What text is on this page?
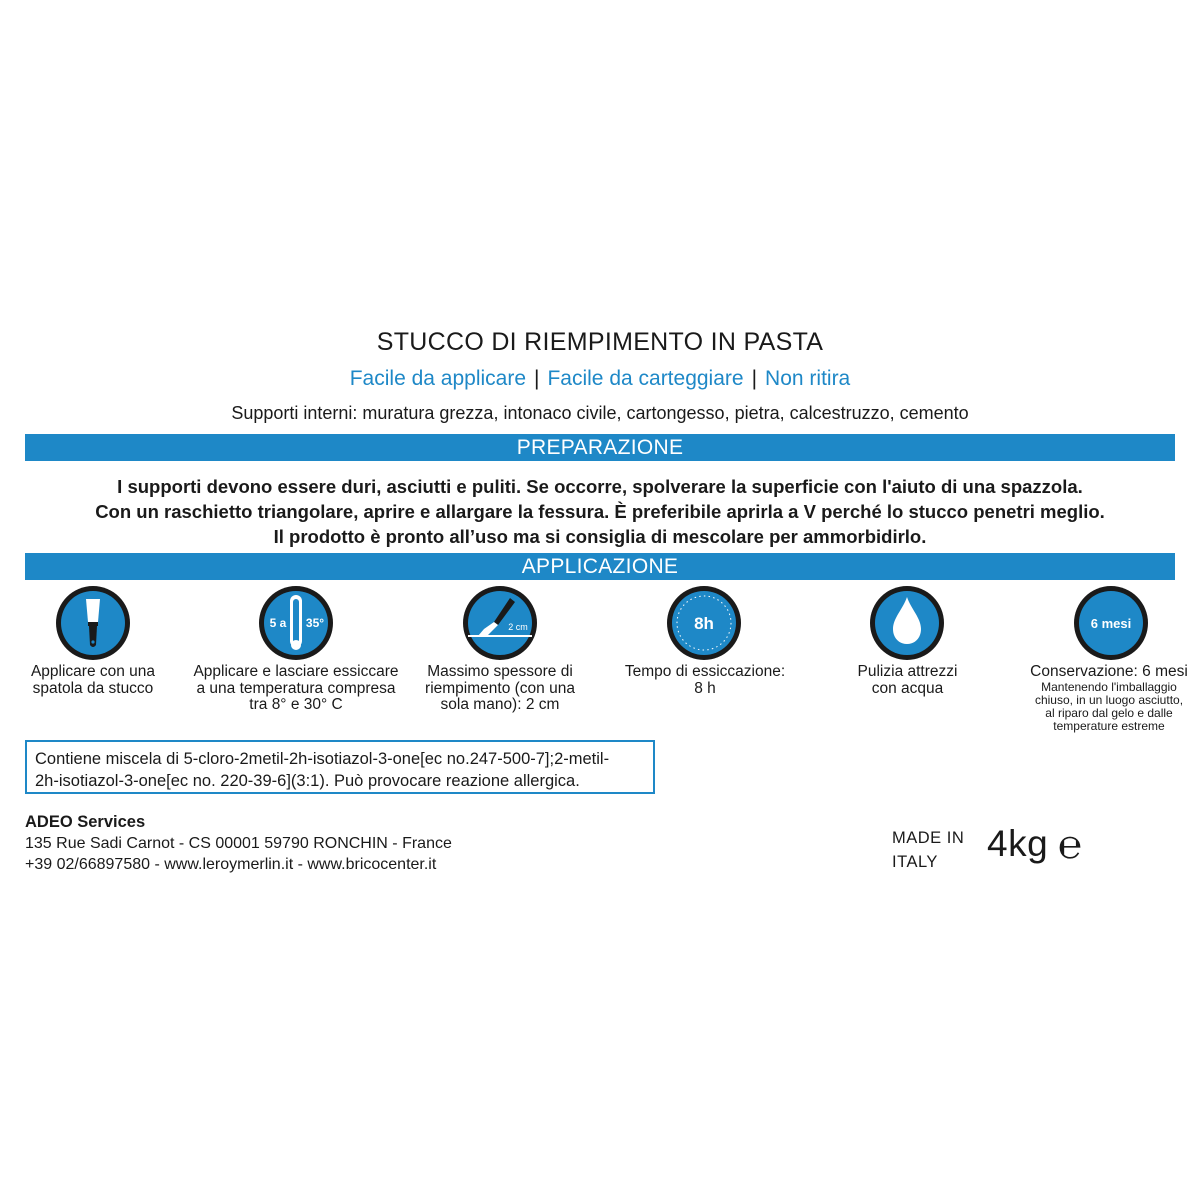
STUCCO DI RIEMPIMENTO IN PASTA
Facile da applicare | Facile da carteggiare | Non ritira
Supporti interni: muratura grezza, intonaco civile, cartongesso, pietra, calcestruzzo, cemento
PREPARAZIONE
I supporti devono essere duri, asciutti e puliti. Se occorre, spolverare la superficie con l'aiuto di una spazzola.
Con un raschietto triangolare, aprire e allargare la fessura. È preferibile aprirla a V perché lo stucco penetri meglio.
Il prodotto è pronto all’uso ma si consiglia di mescolare per ammorbidirlo.
APPLICAZIONE
5 a 35°	2 cm	8h	6 mesi
Applicare con una
spatola da stucco
Applicare e lasciare essiccare
a una temperatura compresa
tra 8° e 30° C
Massimo spessore di
riempimento (con una
sola mano): 2 cm
Tempo di essiccazione:
8 h
Pulizia attrezzi
con acqua
Conservazione: 6 mesi
Mantenendo l'imballaggio
chiuso, in un luogo asciutto,
al riparo dal gelo e dalle
temperature estreme
Contiene miscela di 5-cloro-2metil-2h-isotiazol-3-one[ec no.247-500-7];2-metil-
2h-isotiazol-3-one[ec no. 220-39-6](3:1). Può provocare reazione allergica.
ADEO Services
135 Rue Sadi Carnot - CS 00001 59790 RONCHIN - France
+39 02/66897580 - www.leroymerlin.it - www.bricocenter.it
MADE IN
ITALY	4kg ℮
